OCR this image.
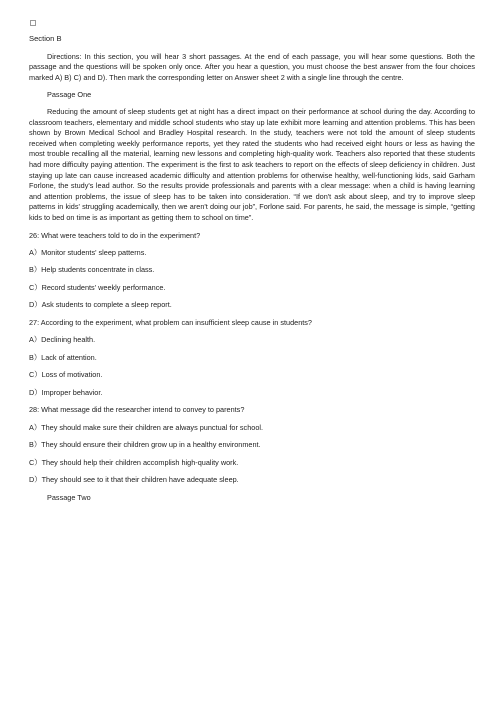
Section B

Directions: In this section, you will hear 3 short passages. At the end of each passage, you will hear some questions. Both the passage and the questions will be spoken only once. After you hear a question, you must choose the best answer from the four choices marked A) B) C) and D). Then mark the corresponding letter on Answer sheet 2 with a single line through the centre.

Passage One

Reducing the amount of sleep students get at night has a direct impact on their performance at school during the day. According to classroom teachers, elementary and middle school students who stay up late exhibit more learning and attention problems. This has been shown by Brown Medical School and Bradley Hospital research. In the study, teachers were not told the amount of sleep students received when completing weekly performance reports, yet they rated the students who had received eight hours or less as having the most trouble recalling all the material, learning new lessons and completing high-quality work. Teachers also reported that these students had more difficulty paying attention. The experiment is the first to ask teachers to report on the effects of sleep deficiency in children. Just staying up late can cause increased academic difficulty and attention problems for otherwise healthy, well-functioning kids, said Garham Forlone, the study's lead author. So the results provide professionals and parents with a clear message: when a child is having learning and attention problems, the issue of sleep has to be taken into consideration. “If we don't ask about sleep, and try to improve sleep patterns in kids' struggling academically, then we aren't doing our job”, Forlone said. For parents, he said, the message is simple, “getting kids to bed on time is as important as getting them to school on time”.

26: What were teachers told to do in the experiment?
A）Monitor students' sleep patterns.
B）Help students concentrate in class.
C）Record students' weekly performance.
D）Ask students to complete a sleep report.
27: According to the experiment, what problem can insufficient sleep cause in students?
A）Declining health.
B）Lack of attention.
C）Loss of motivation.
D）Improper behavior.
28: What message did the researcher intend to convey to parents?
A）They should make sure their children are always punctual for school.
B）They should ensure their children grow up in a healthy environment.
C）They should help their children accomplish high-quality work.
D）They should see to it that their children have adequate sleep.
Passage Two
